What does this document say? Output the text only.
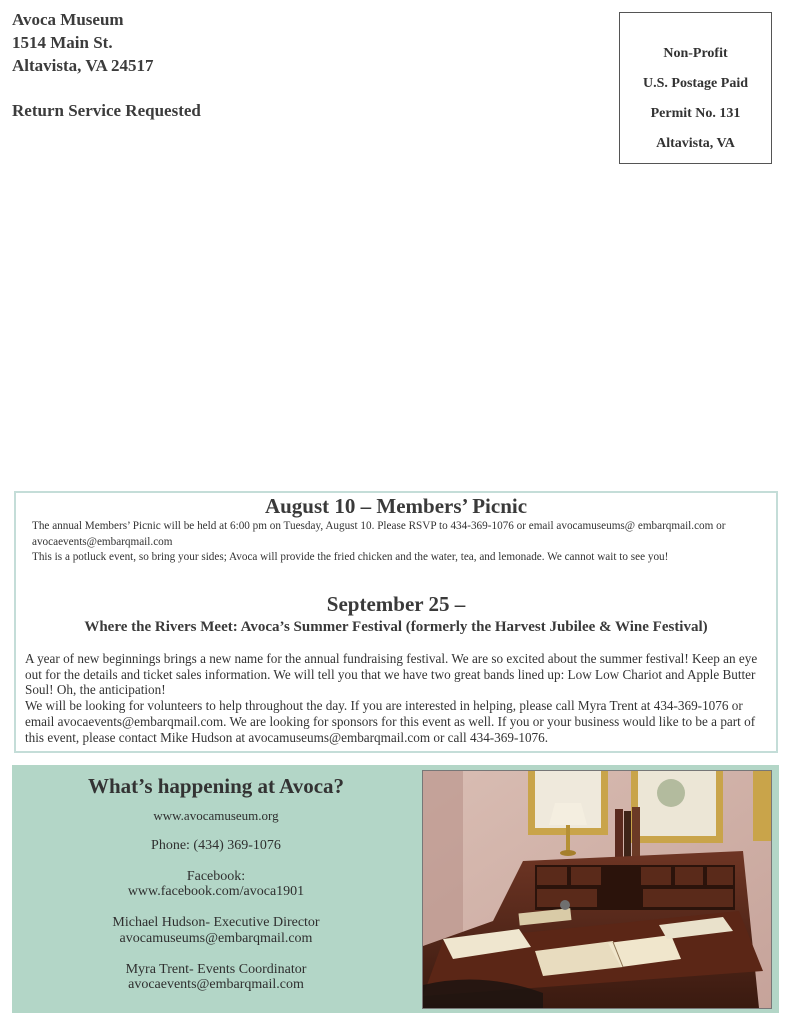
Avoca Museum
1514 Main St.
Altavista, VA 24517
Return Service Requested
Non-Profit
U.S. Postage Paid
Permit No. 131
Altavista, VA
August 10 – Members’ Picnic

The annual Members’ Picnic will be held at 6:00 pm on Tuesday, August 10. Please RSVP to 434-369-1076 or email avocamuseums@ embarqmail.com or avocaevents@embarqmail.com

This is a potluck event, so bring your sides; Avoca will provide the fried chicken and the water, tea, and lemonade. We cannot wait to see you!

September 25 –
Where the Rivers Meet: Avoca’s Summer Festival (formerly the Harvest Jubilee & Wine Festival)

A year of new beginnings brings a new name for the annual fundraising festival. We are so excited about the summer festival! Keep an eye out for the details and ticket sales information. We will tell you that we have two great bands lined up: Low Low Chariot and Apple Butter Soul! Oh, the anticipation!

We will be looking for volunteers to help throughout the day. If you are interested in helping, please call Myra Trent at 434-369-1076 or email avocaevents@embarqmail.com. We are looking for sponsors for this event as well. If you or your business would like to be a part of this event, please contact Mike Hudson at avocamuseums@embarqmail.com or call 434-369-1076.

What’s happening at Avoca?
www.avocamuseum.org
Phone: (434) 369-1076
Facebook:
www.facebook.com/avoca1901
Michael Hudson- Executive Director
avocamuseums@embarqmail.com
Myra Trent- Events Coordinator
avocaevents@embarqmail.com
